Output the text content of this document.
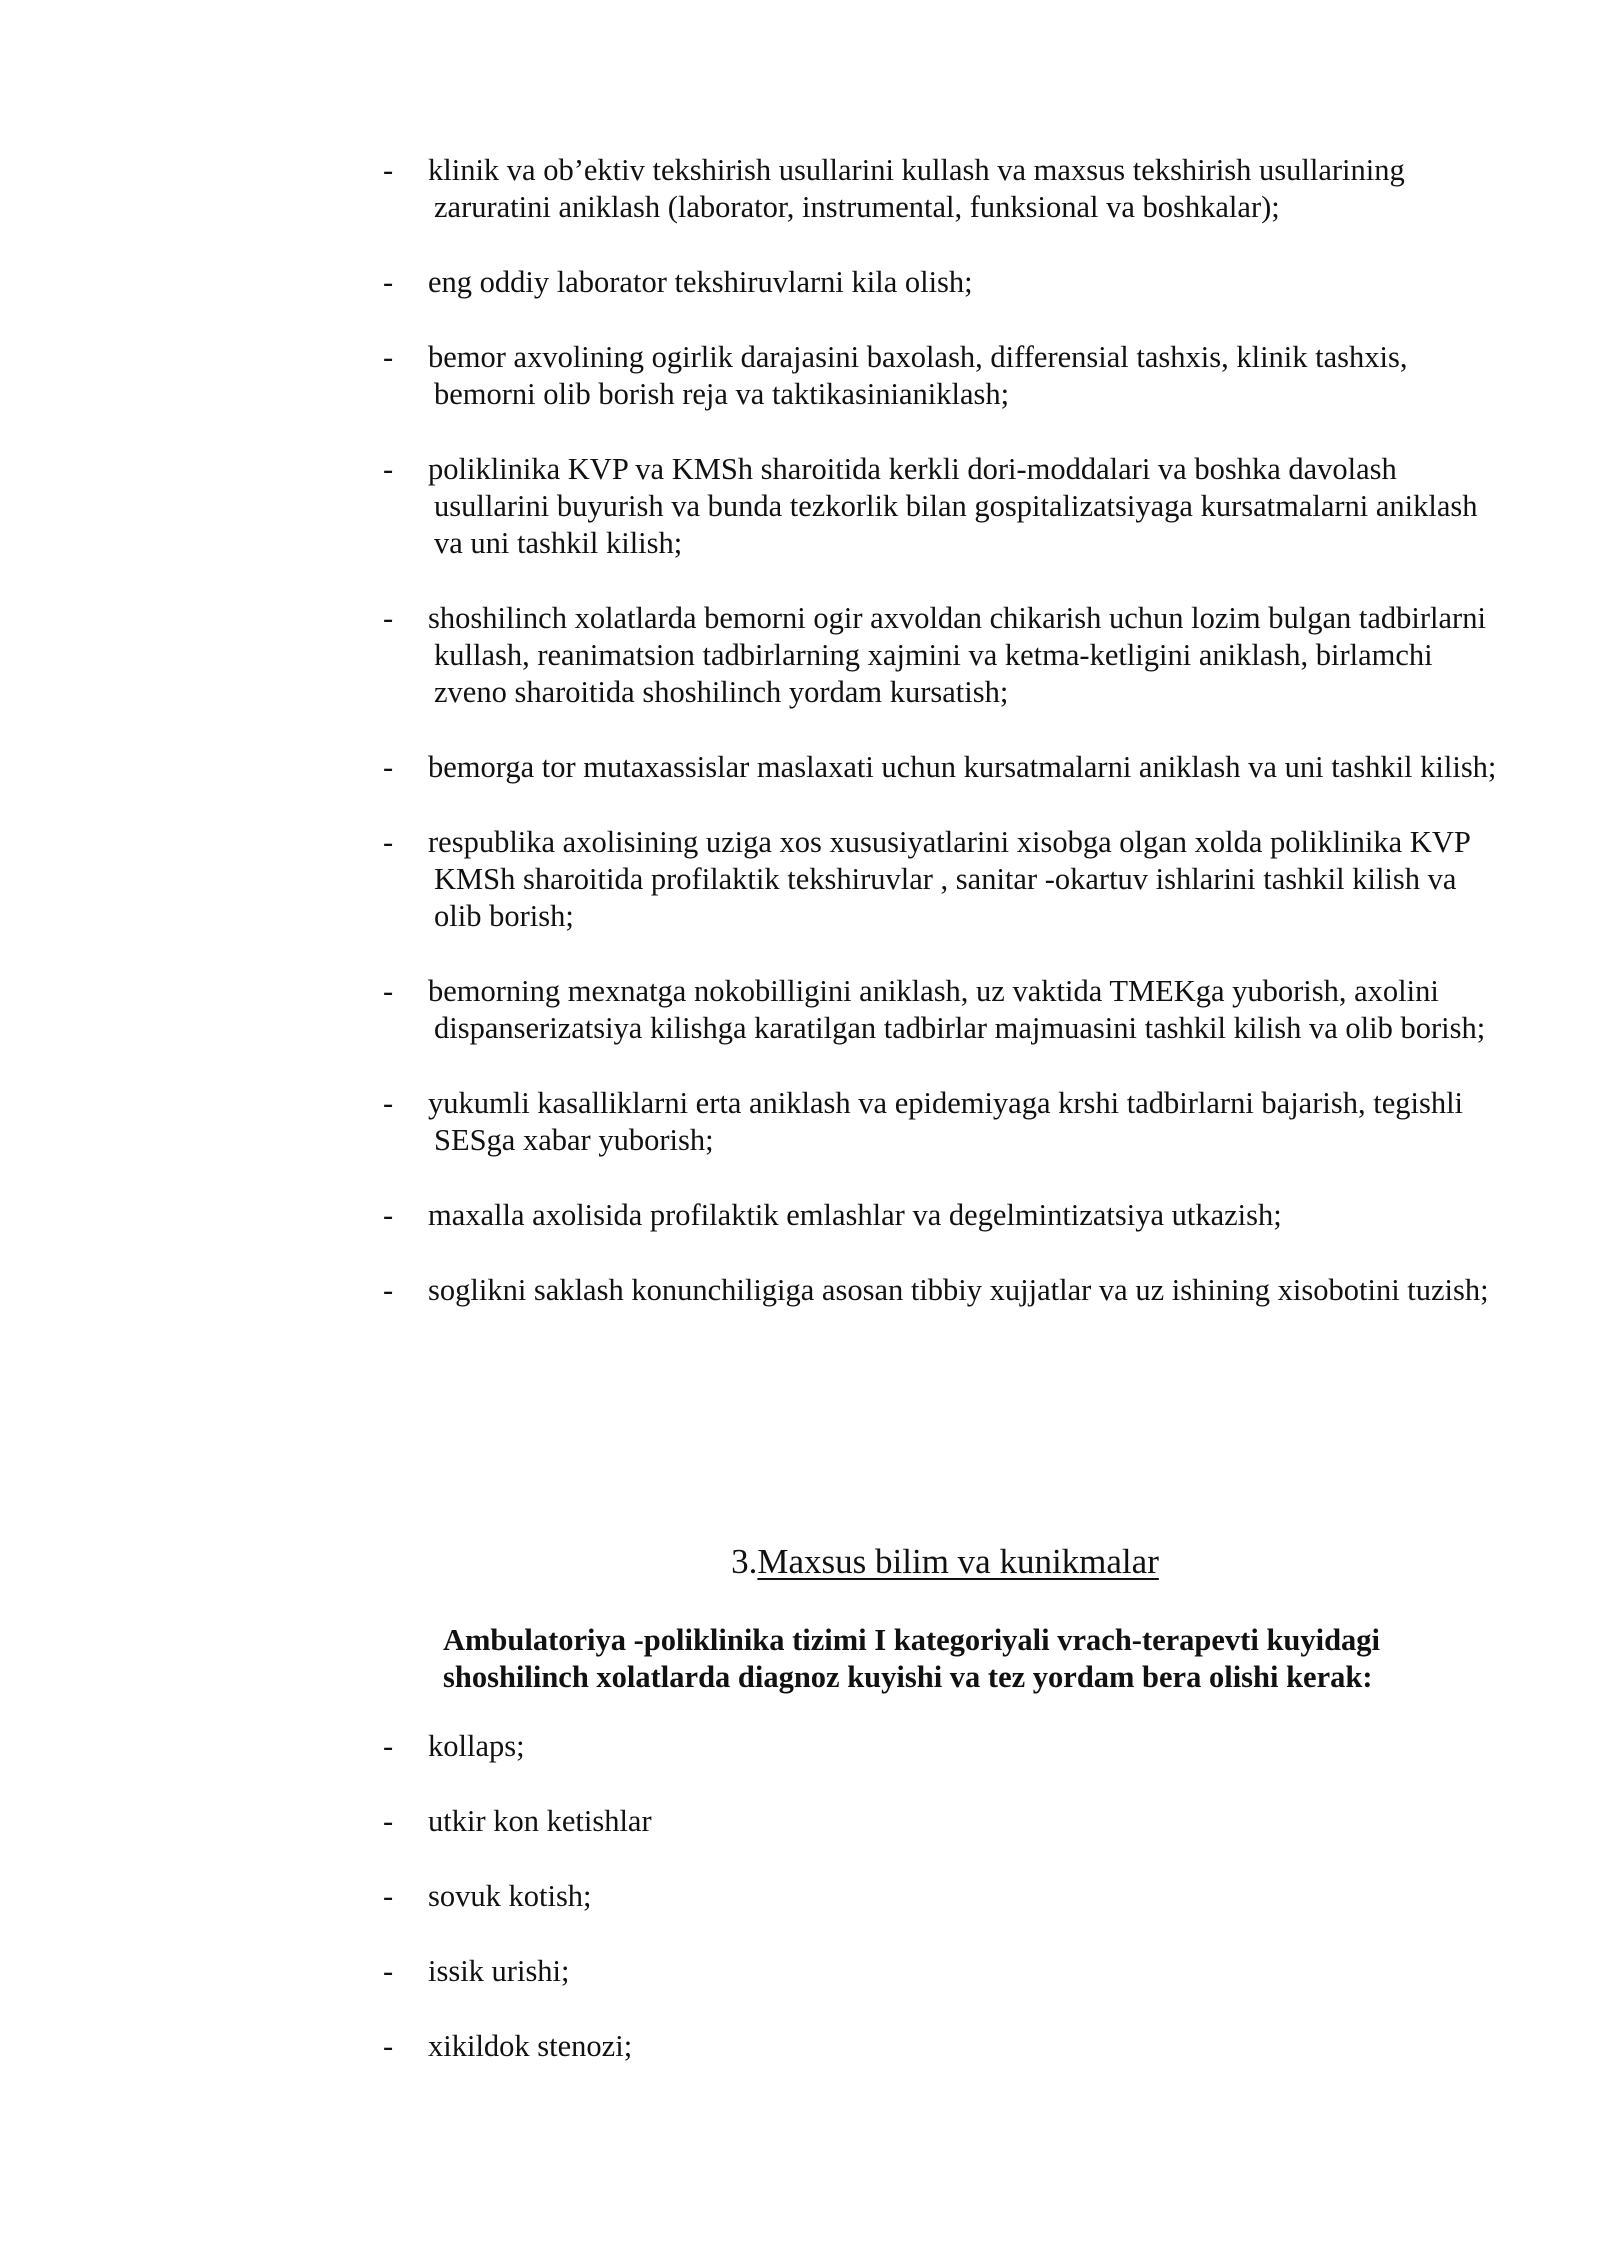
- klinik va ob’ektiv tekshirish usullarini kullash va maxsus tekshirish usullarining zaruratini aniklash (laborator, instrumental, funksional va boshkalar);
- eng oddiy laborator tekshiruvlarni kila olish;
- bemor axvolining ogirlik darajasini baxolash, differensial tashxis, klinik tashxis, bemorni olib borish reja va taktikasinianiklash;
- poliklinika KVP va KMSh sharoitida kerkli dori-moddalari va boshka davolash usullarini buyurish va bunda tezkorlik bilan gospitalizatsiyaga kursatmalarni aniklash va uni tashkil kilish;
- shoshilinch xolatlarda bemorni ogir axvoldan chikarish uchun lozim bulgan tadbirlarni kullash, reanimatsion tadbirlarning xajmini va ketma-ketligini aniklash, birlamchi zveno sharoitida shoshilinch yordam kursatish;
- bemorga tor mutaxassislar maslaxati uchun kursatmalarni aniklash va uni tashkil kilish;
- respublika axolisining uziga xos xususiyatlarini xisobga olgan xolda poliklinika KVP KMSh sharoitida profilaktik tekshiruvlar , sanitar -okartuv ishlarini tashkil kilish va olib borish;
- bemorning mexnatga nokobilligini aniklash, uz vaktida TMEKga yuborish, axolini dispanserizatsiya kilishga karatilgan tadbirlar majmuasini tashkil kilish va olib borish;
- yukumli kasalliklarni erta aniklash va epidemiyaga krshi tadbirlarni bajarish, tegishli SESga xabar yuborish;
- maxalla axolisida profilaktik emlashlar va degelmintizatsiya utkazish;
- soglikni saklash konunchiligiga asosan tibbiy xujjatlar va uz ishining xisobotini tuzish;
3.Maxsus bilim va kunikmalar
Ambulatoriya -poliklinika tizimi I kategoriyali vrach-terapevti kuyidagi shoshilinch xolatlarda diagnoz kuyishi va tez yordam bera olishi kerak:
- kollaps;
- utkir kon ketishlar
- sovuk kotish;
- issik urishi;
- xikildok stenozi;
